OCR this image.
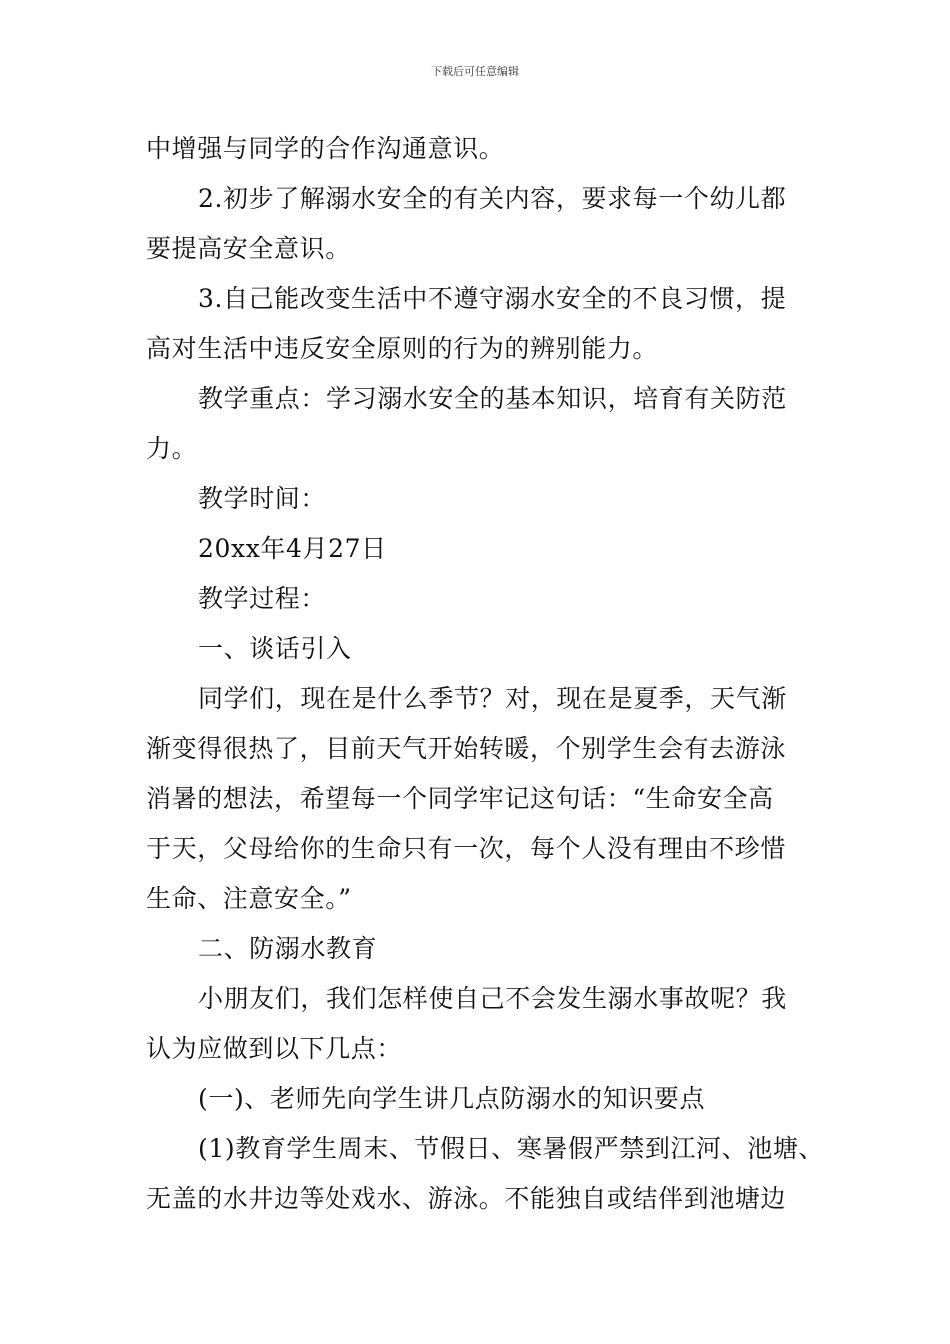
下载后可任意编辑
中增强与同学的合作沟通意识。
2.初步了解溺水安全的有关内容，要求每一个幼儿都
要提高安全意识。
3.自己能改变生活中不遵守溺水安全的不良习惯，提
高对生活中违反安全原则的行为的辨别能力。
教学重点：学习溺水安全的基本知识，培育有关防范
力。
教学时间：
20xx年4月27日
教学过程：
一、谈话引入
同学们，现在是什么季节？对，现在是夏季，天气渐
渐变得很热了，目前天气开始转暖，个别学生会有去游泳
消暑的想法，希望每一个同学牢记这句话：“生命安全高
于天，父母给你的生命只有一次，每个人没有理由不珍惜
生命、注意安全。”
二、防溺水教育
小朋友们，我们怎样使自己不会发生溺水事故呢？我
认为应做到以下几点：
(一)、老师先向学生讲几点防溺水的知识要点
(1)教育学生周末、节假日、寒暑假严禁到江河、池塘、
无盖的水井边等处戏水、游泳。不能独自或结伴到池塘边
